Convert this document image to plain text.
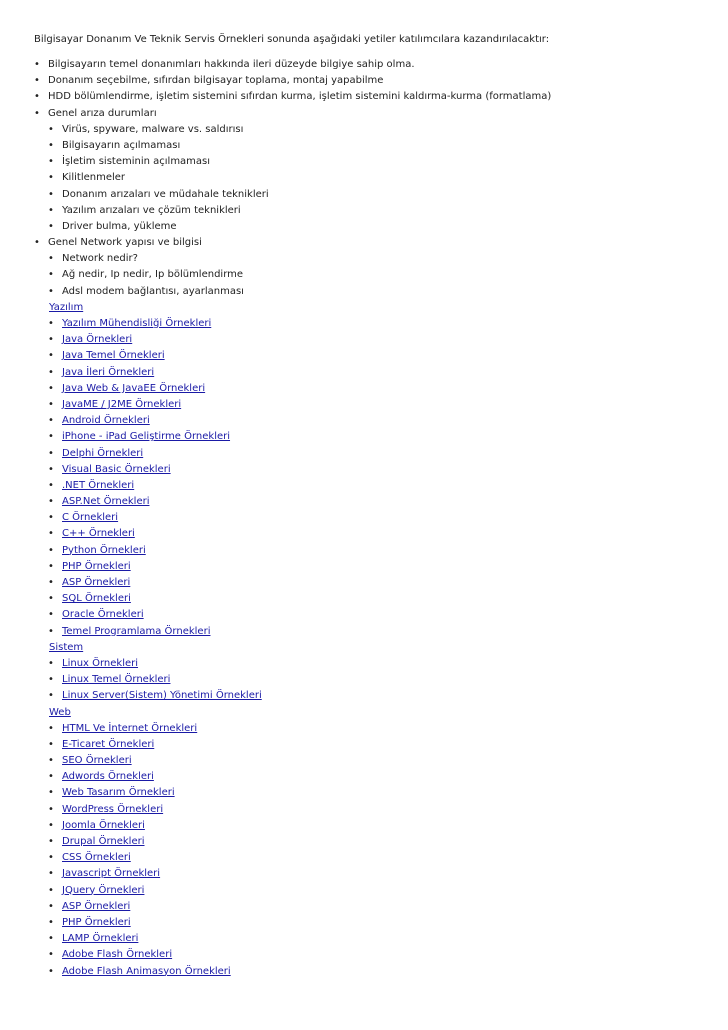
Bilgisayar Donanım Ve Teknik Servis Örnekleri sonunda aşağıdaki yetiler katılımcılara kazandırılacaktır:
• Bilgisayarın temel donanımları hakkında ileri düzeyde bilgiye sahip olma.
• Donanım seçebilme, sıfırdan bilgisayar toplama, montaj yapabilme
• HDD bölümlendirme, işletim sistemini sıfırdan kurma, işletim sistemini kaldırma-kurma (formatlama)
• Genel arıza durumları
• Virüs, spyware, malware vs. saldırısı
• Bilgisayarın açılmaması
• İşletim sisteminin açılmaması
• Kilitlenmeler
• Donanım arızaları ve müdahale teknikleri
• Yazılım arızaları ve çözüm teknikleri
• Driver bulma, yükleme
• Genel Network yapısı ve bilgisi
• Network nedir?
• Ağ nedir, Ip nedir, Ip bölümlendirme
• Adsl modem bağlantısı, ayarlanması
Yazılım
• Yazılım Mühendisliği Örnekleri
• Java Örnekleri
• Java Temel Örnekleri
• Java İleri Örnekleri
• Java Web & JavaEE Örnekleri
• JavaME / J2ME Örnekleri
• Android Örnekleri
• iPhone - iPad Geliştirme Örnekleri
• Delphi Örnekleri
• Visual Basic Örnekleri
• .NET Örnekleri
• ASP.Net Örnekleri
• C Örnekleri
• C++ Örnekleri
• Python Örnekleri
• PHP Örnekleri
• ASP Örnekleri
• SQL Örnekleri
• Oracle Örnekleri
• Temel Programlama Örnekleri
Sistem
• Linux Örnekleri
• Linux Temel Örnekleri
• Linux Server(Sistem) Yönetimi Örnekleri
Web
• HTML Ve İnternet Örnekleri
• E-Ticaret Örnekleri
• SEO Örnekleri
• Adwords Örnekleri
• Web Tasarım Örnekleri
• WordPress Örnekleri
• Joomla Örnekleri
• Drupal Örnekleri
• CSS Örnekleri
• Javascript Örnekleri
• JQuery Örnekleri
• ASP Örnekleri
• PHP Örnekleri
• LAMP Örnekleri
• Adobe Flash Örnekleri
• Adobe Flash Animasyon Örnekleri
